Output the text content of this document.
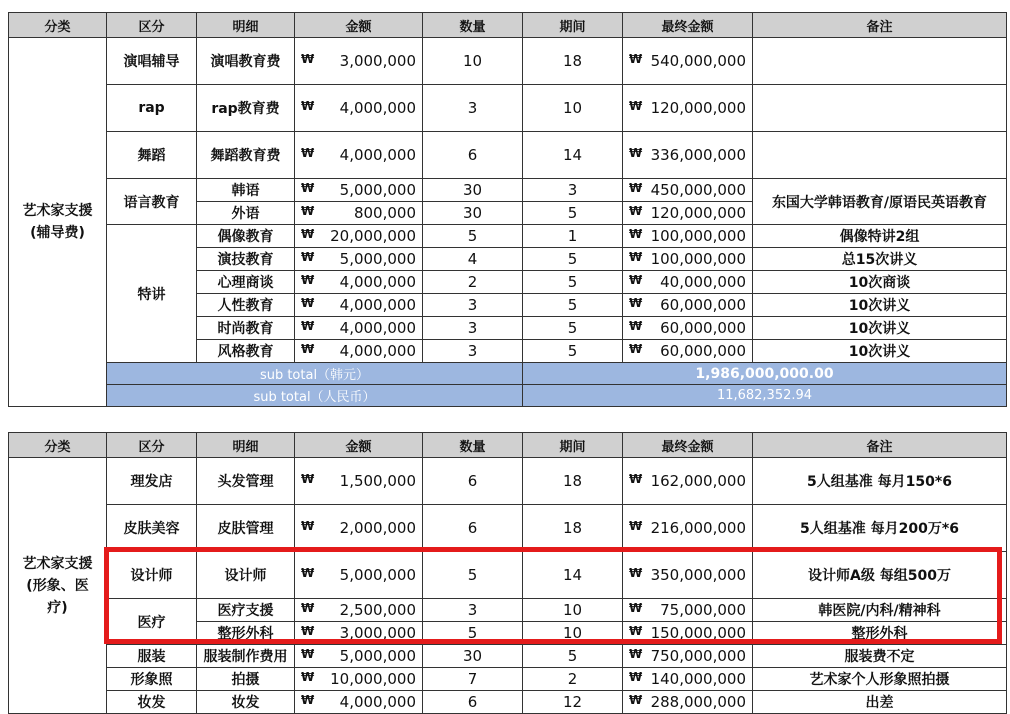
分类	区分	明细	金额	数量	期间	最终金额	备注
艺术家支援
(辅导费)	演唱辅导	演唱教育费	₩ 3,000,000	10	18	₩ 540,000,000	

	rap	rap教育费	₩ 4,000,000	3	10	₩ 120,000,000	

	舞蹈	舞蹈教育费	₩ 4,000,000	6	14	₩ 336,000,000	

	语言教育	韩语	₩ 5,000,000	30	3	₩ 450,000,000	东国大学韩语教育/原语民英语教育
		外语	₩ 800,000	30	5	₩ 120,000,000	

	特讲	偶像教育	₩ 20,000,000	5	1	₩ 100,000,000	偶像特讲2组
		演技教育	₩ 5,000,000	4	5	₩ 100,000,000	总15次讲义
		心理商谈	₩ 4,000,000	2	5	₩ 40,000,000	10次商谈
		人性教育	₩ 4,000,000	3	5	₩ 60,000,000	10次讲义
		时尚教育	₩ 4,000,000	3	5	₩ 60,000,000	10次讲义
		风格教育	₩ 4,000,000	3	5	₩ 60,000,000	10次讲义
	sub total（韩元）				1,986,000,000.00		
	sub total（人民币）				11,682,352.94		
分类	区分	明细	金额	数量	期间	最终金额	备注
艺术家支援
(形象、医
疗)	理发店	头发管理	₩ 1,500,000	6	18	₩ 162,000,000	5人组基准 每月150*6
	皮肤美容	皮肤管理	₩ 2,000,000	6	18	₩ 216,000,000	5人组基准 每月200万*6
	设计师	设计师	₩ 5,000,000	5	14	₩ 350,000,000	设计师A级 每组500万
	医疗	医疗支援	₩ 2,500,000	3	10	₩ 75,000,000	韩医院/内科/精神科
		整形外科	₩ 3,000,000	5	10	₩ 150,000,000	整形外科
	服装	服装制作费用	₩ 5,000,000	30	5	₩ 750,000,000	服装费不定
	形象照	拍摄	₩ 10,000,000	7	2	₩ 140,000,000	艺术家个人形象照拍摄
	妆发	妆发	₩ 4,000,000	6	12	₩ 288,000,000	出差
